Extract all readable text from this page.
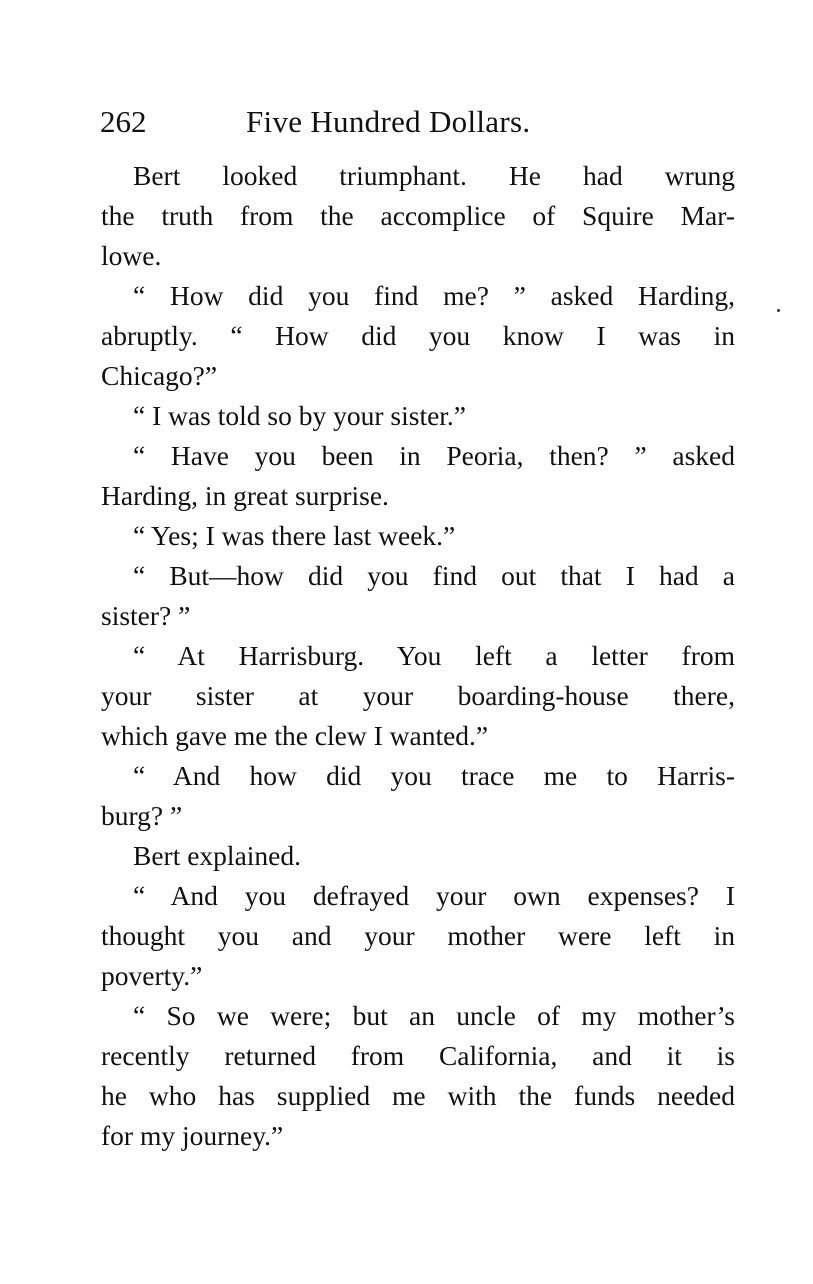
262	Five Hundred Dollars.
Bert looked triumphant. He had wrung
the truth from the accomplice of Squire Mar-
lowe.
“ How did you find me? ” asked Harding,
abruptly. “ How did you know I was in
Chicago?”
“ I was told so by your sister.”
“ Have you been in Peoria, then? ” asked
Harding, in great surprise.
“ Yes; I was there last week.”
“ But—how did you find out that I had a
sister? ”
“ At Harrisburg. You left a letter from
your sister at your boarding-house there,
which gave me the clew I wanted.”
“ And how did you trace me to Harris-
burg? ”
Bert explained.
“ And you defrayed your own expenses? I
thought you and your mother were left in
poverty.”
“ So we were; but an uncle of my mother’s
recently returned from California, and it is
he who has supplied me with the funds needed
for my journey.”
